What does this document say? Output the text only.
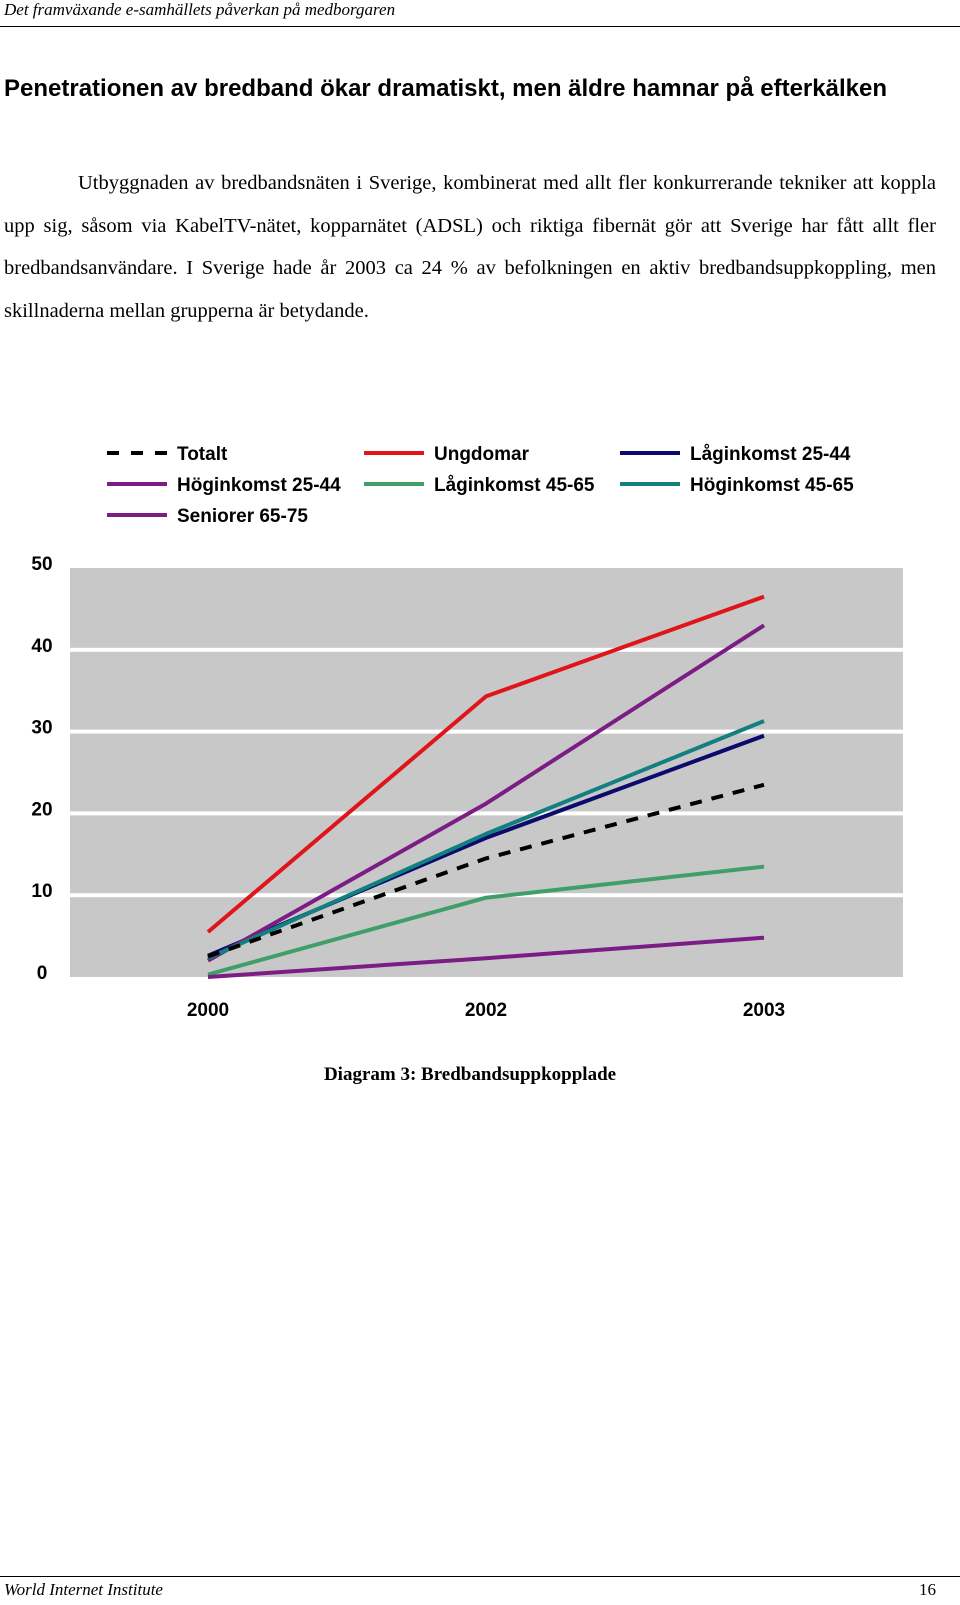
Det framväxande e-samhällets påverkan på medborgaren
Penetrationen av bredband ökar dramatiskt, men äldre hamnar på efterkälken
Utbyggnaden av bredbandsnäten i Sverige, kombinerat med allt fler konkurrerande tekniker att koppla upp sig, såsom via KabelTV-nätet, kopparnätet (ADSL) och riktiga fibernät gör att Sverige har fått allt fler bredbandsanvändare. I Sverige hade år 2003 ca 24 % av befolkningen en aktiv bredbandsuppkoppling, men skillnaderna mellan grupperna är betydande.
Totalt	Ungdomar	Låginkomst 25-44
Höginkomst 25-44	Låginkomst 45-65	Höginkomst 45-65
Seniorer 65-75
0
10
20
30
40
50
2000	2002	2003
Diagram 3: Bredbandsuppkopplade
World Internet Institute	16
